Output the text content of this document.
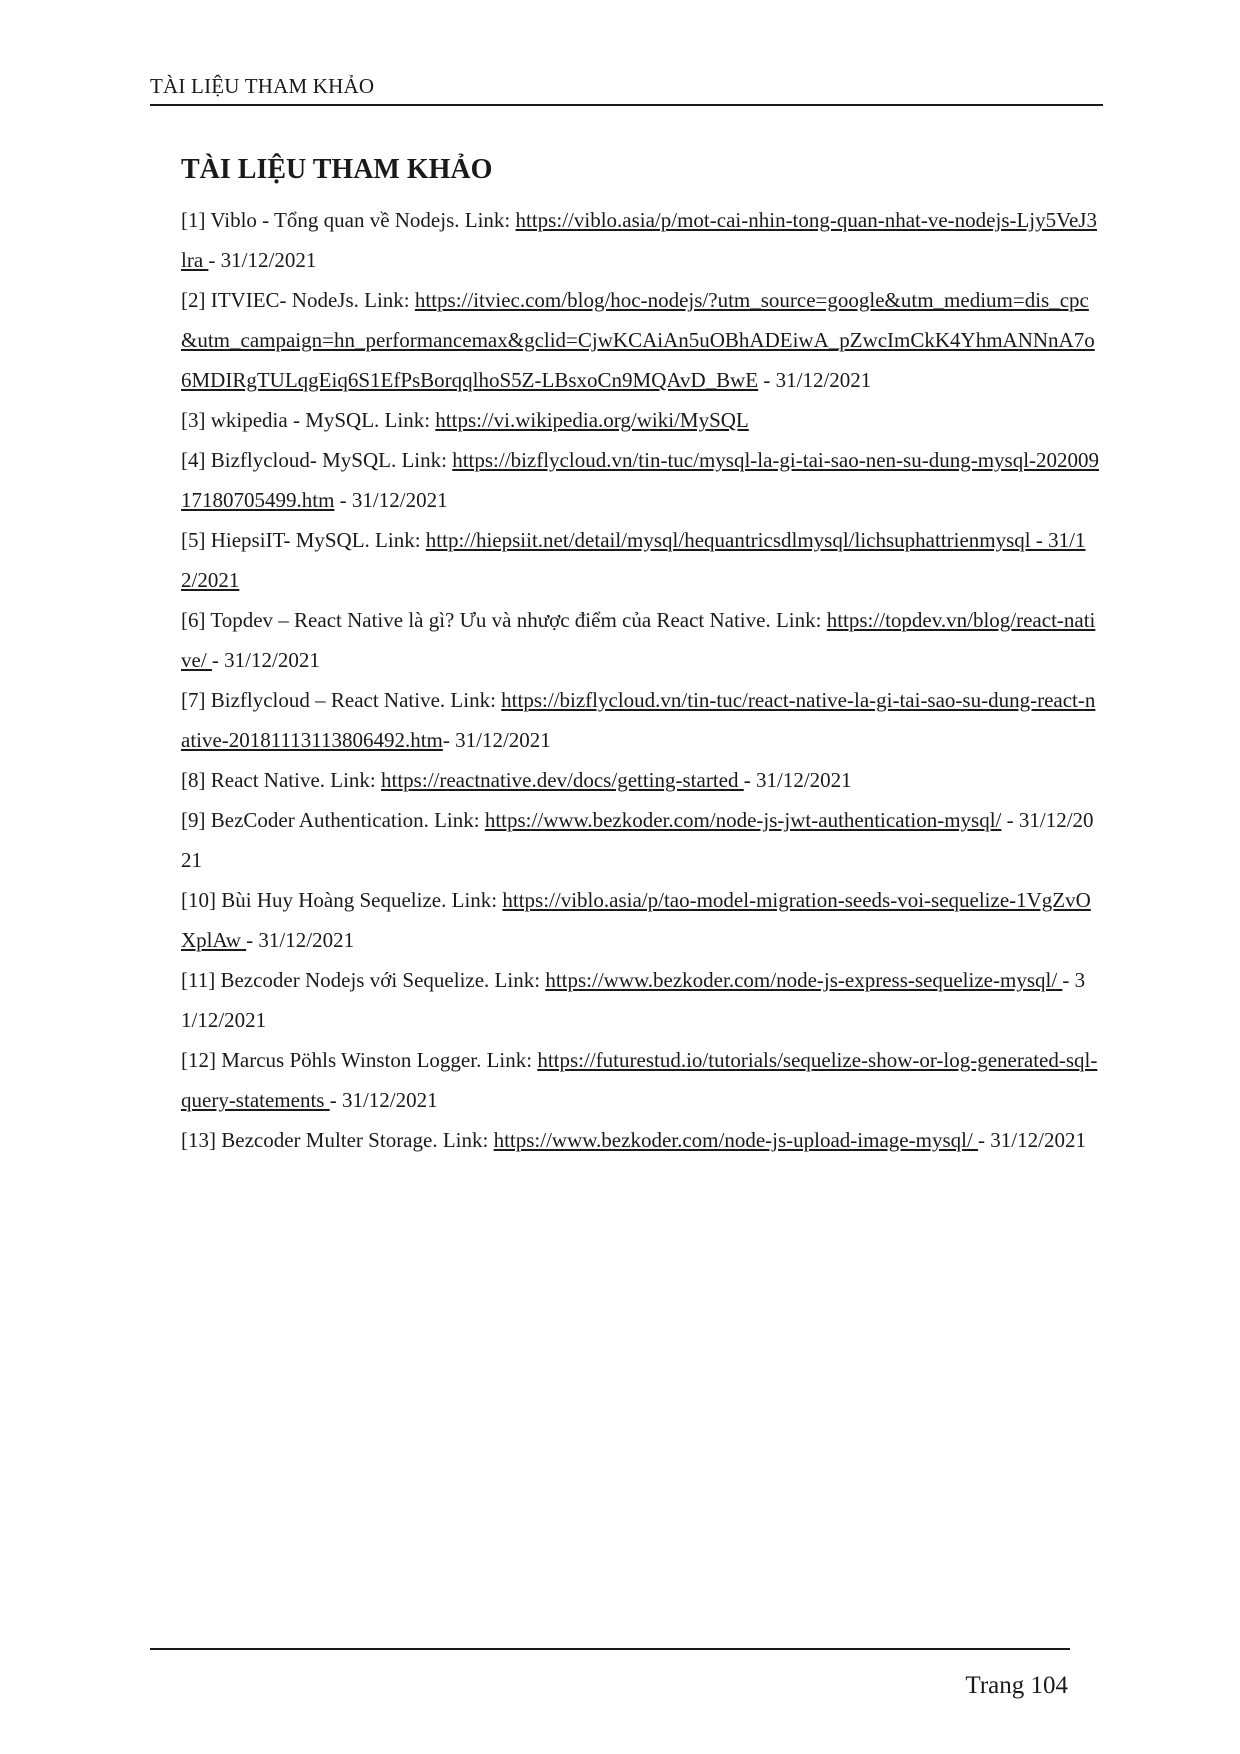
TÀI LIỆU THAM KHẢO
TÀI LIỆU THAM KHẢO
[1] Viblo - Tổng quan về Nodejs. Link: https://viblo.asia/p/mot-cai-nhin-tong-quan-nhat-ve-nodejs-Ljy5VeJ3lra - 31/12/2021
[2] ITVIEC- NodeJs. Link: https://itviec.com/blog/hoc-nodejs/?utm_source=google&utm_medium=dis_cpc&utm_campaign=hn_performancemax&gclid=CjwKCAiAn5uOBhADEiwA_pZwcImCkK4YhmANNnA7o6MDIRgTULqgEiq6S1EfPsBorqqlhoS5Z-LBsxoCn9MQAvD_BwE - 31/12/2021
[3] wkipedia - MySQL. Link: https://vi.wikipedia.org/wiki/MySQL
[4] Bizflycloud- MySQL. Link: https://bizflycloud.vn/tin-tuc/mysql-la-gi-tai-sao-nen-su-dung-mysql-20200917180705499.htm - 31/12/2021
[5] HiepsiIT- MySQL. Link: http://hiepsiit.net/detail/mysql/hequantricsdlmysql/lichsuphattrienmysql - 31/12/2021
[6] Topdev – React Native là gì? Ưu và nhược điểm của React Native. Link: https://topdev.vn/blog/react-native/ - 31/12/2021
[7] Bizflycloud – React Native. Link: https://bizflycloud.vn/tin-tuc/react-native-la-gi-tai-sao-su-dung-react-native-20181113113806492.htm- 31/12/2021
[8] React Native. Link: https://reactnative.dev/docs/getting-started - 31/12/2021
[9] BezCoder Authentication. Link: https://www.bezkoder.com/node-js-jwt-authentication-mysql/ - 31/12/2021
[10] Bùi Huy Hoàng Sequelize. Link: https://viblo.asia/p/tao-model-migration-seeds-voi-sequelize-1VgZvOXplAw - 31/12/2021
[11] Bezcoder Nodejs với Sequelize. Link: https://www.bezkoder.com/node-js-express-sequelize-mysql/ - 31/12/2021
[12] Marcus Pöhls Winston Logger. Link: https://futurestud.io/tutorials/sequelize-show-or-log-generated-sql-query-statements - 31/12/2021
[13] Bezcoder Multer Storage. Link: https://www.bezkoder.com/node-js-upload-image-mysql/ - 31/12/2021
Trang 104
